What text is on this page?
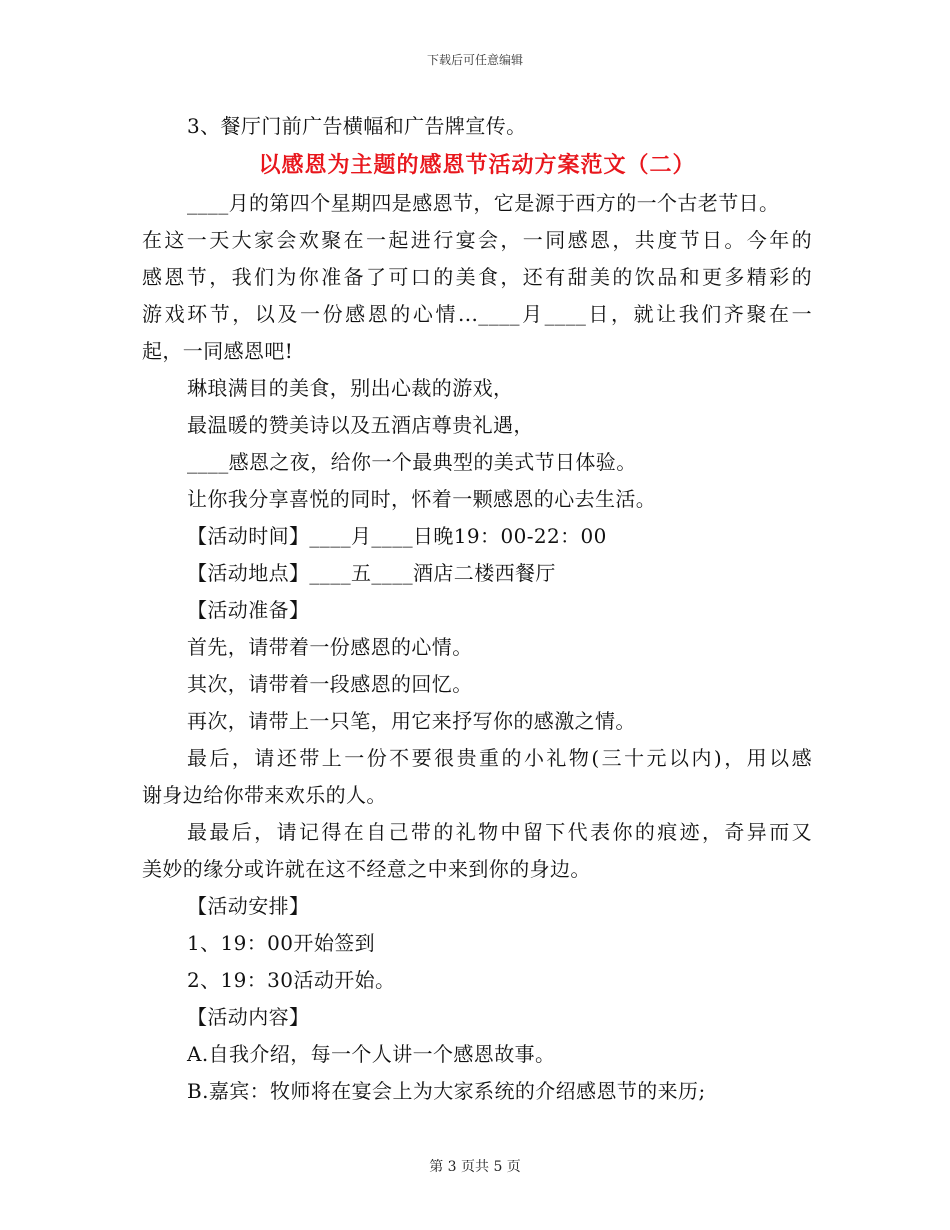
下载后可任意编辑
3、餐厅门前广告横幅和广告牌宣传。
以感恩为主题的感恩节活动方案范文（二）
____月的第四个星期四是感恩节，它是源于西方的一个古老节日。
在这一天大家会欢聚在一起进行宴会，一同感恩，共度节日。今年的
感恩节，我们为你准备了可口的美食，还有甜美的饮品和更多精彩的
游戏环节，以及一份感恩的心情...____月____日，就让我们齐聚在一
起，一同感恩吧!
琳琅满目的美食，别出心裁的游戏，
最温暖的赞美诗以及五酒店尊贵礼遇，
____感恩之夜，给你一个最典型的美式节日体验。
让你我分享喜悦的同时，怀着一颗感恩的心去生活。
【活动时间】____月____日晚19：00-22：00
【活动地点】____五____酒店二楼西餐厅
【活动准备】
首先，请带着一份感恩的心情。
其次，请带着一段感恩的回忆。
再次，请带上一只笔，用它来抒写你的感激之情。
最后，请还带上一份不要很贵重的小礼物(三十元以内)，用以感
谢身边给你带来欢乐的人。
最最后，请记得在自己带的礼物中留下代表你的痕迹，奇异而又
美妙的缘分或许就在这不经意之中来到你的身边。
【活动安排】
1、19：00开始签到
2、19：30活动开始。
【活动内容】
A.自我介绍，每一个人讲一个感恩故事。
B.嘉宾：牧师将在宴会上为大家系统的介绍感恩节的来历;
第 3 页共 5 页
